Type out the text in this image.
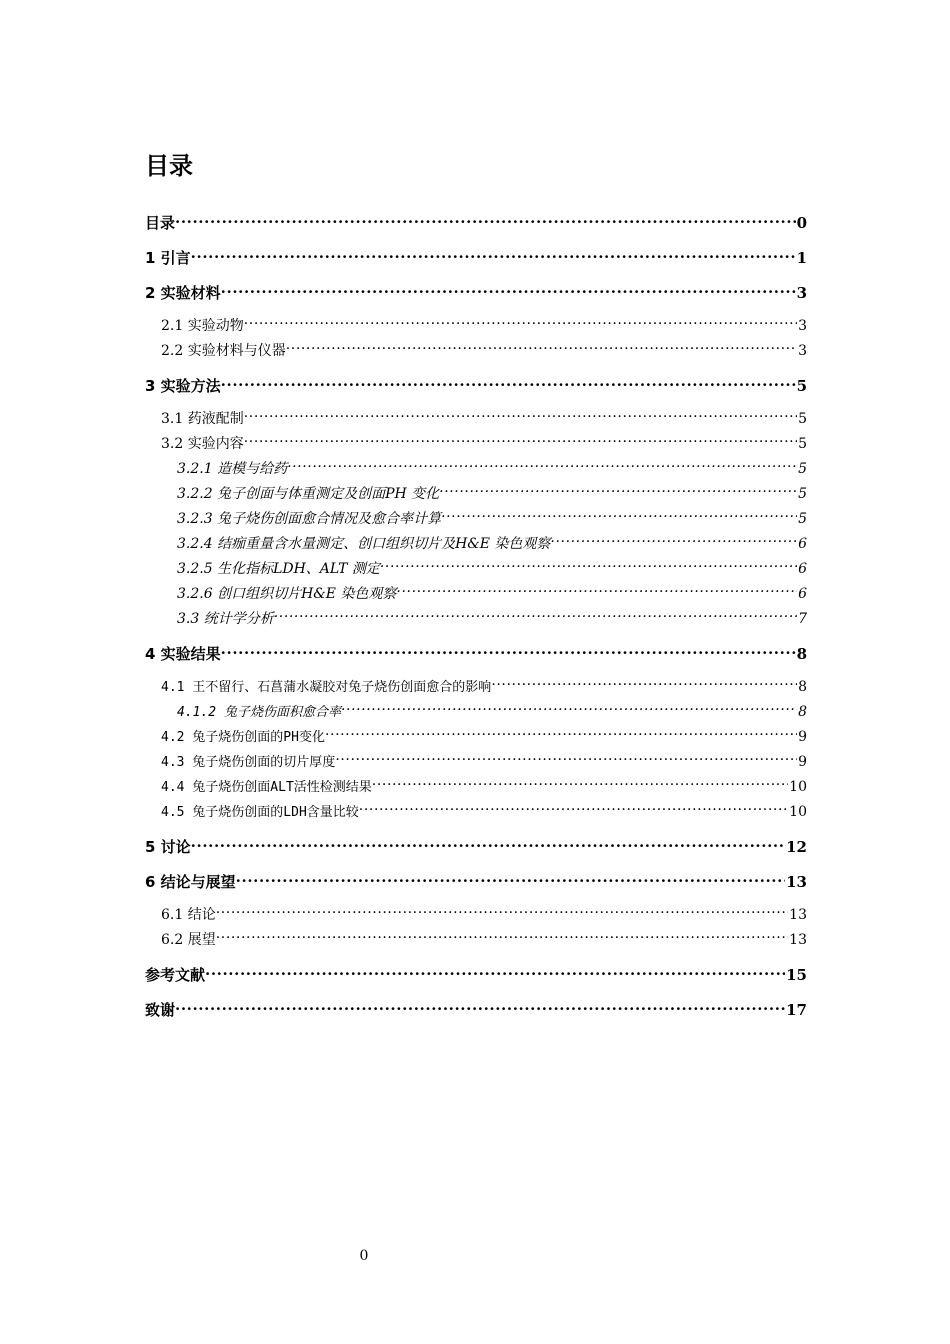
目录
目录 .....	0
1 引言 .....	1
2 实验材料 .....	3
2.1 实验动物 .....	3
2.2 实验材料与仪器 .....	3
3 实验方法 .....	5
3.1 药液配制 .....	5
3.2 实验内容 .....	5
3.2.1 造模与给药 .....	5
3.2.2 兔子创面与体重测定及创面PH 变化 .....	5
3.2.3 兔子烧伤创面愈合情况及愈合率计算 .....	5
3.2.4 结痂重量含水量测定、创口组织切片及H&E 染色观察 .....	6
3.2.5 生化指标LDH、ALT 测定 .....	6
3.2.6 创口组织切片H&E 染色观察 .....	6
3.3 统计学分析 .....	7
4 实验结果 .....	8
4.1 王不留行、石菖蒲水凝胶对兔子烧伤创面愈合的影响 .....	8
4.1.2 兔子烧伤面积愈合率 .....	8
4.2 兔子烧伤创面的PH变化 .....	9
4.3 兔子烧伤创面的切片厚度 .....	9
4.4 兔子烧伤创面ALT活性检测结果 .....	10
4.5 兔子烧伤创面的LDH含量比较 .....	10
5 讨论 .....	12
6 结论与展望 .....	13
6.1 结论 .....	13
6.2 展望 .....	13
参考文献 .....	15
致谢 .....	17
0
